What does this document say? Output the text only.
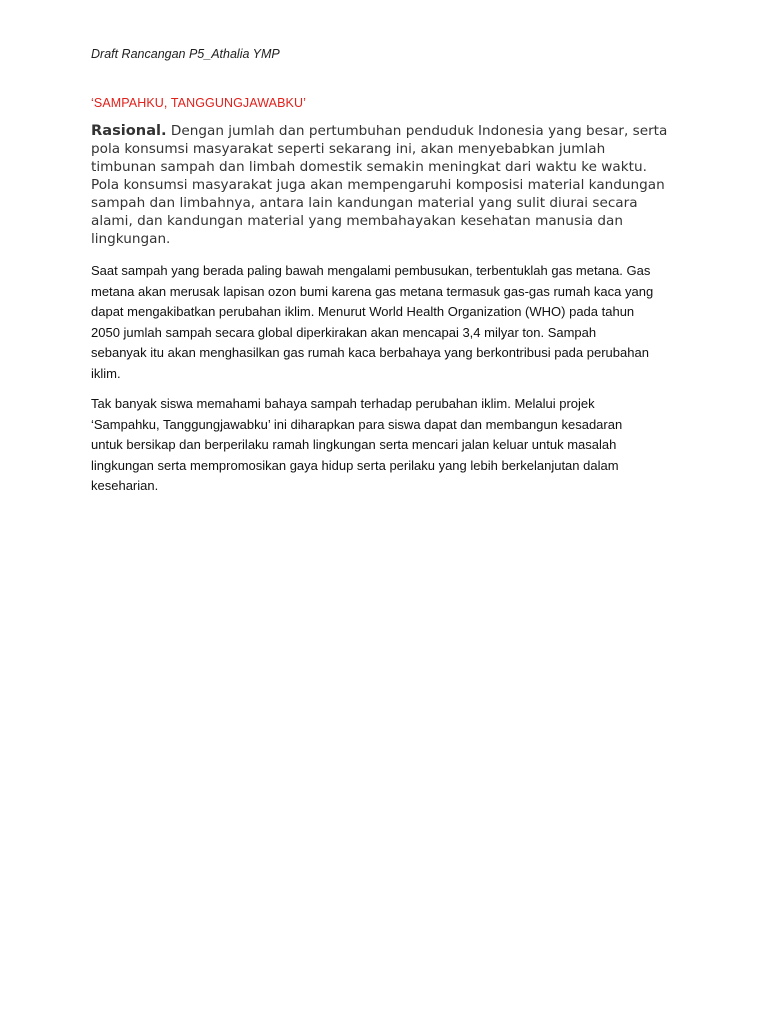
Draft Rancangan P5_Athalia YMP
‘SAMPAHKU, TANGGUNGJAWABKU’
Rasional. Dengan jumlah dan pertumbuhan penduduk Indonesia yang besar, serta
pola konsumsi masyarakat seperti sekarang ini, akan menyebabkan jumlah
timbunan sampah dan limbah domestik semakin meningkat dari waktu ke waktu.
Pola konsumsi masyarakat juga akan mempengaruhi komposisi material kandungan
sampah dan limbahnya, antara lain kandungan material yang sulit diurai secara
alami, dan kandungan material yang membahayakan kesehatan manusia dan
lingkungan.
Saat sampah yang berada paling bawah mengalami pembusukan, terbentuklah gas metana. Gas
metana akan merusak lapisan ozon bumi karena gas metana termasuk gas-gas rumah kaca yang
dapat mengakibatkan perubahan iklim. Menurut World Health Organization (WHO) pada tahun
2050 jumlah sampah secara global diperkirakan akan mencapai 3,4 milyar ton. Sampah
sebanyak itu akan menghasilkan gas rumah kaca berbahaya yang berkontribusi pada perubahan
iklim.
Tak banyak siswa memahami bahaya sampah terhadap perubahan iklim. Melalui projek
‘Sampahku, Tanggungjawabku’ ini diharapkan para siswa dapat dan membangun kesadaran
untuk bersikap dan berperilaku ramah lingkungan serta mencari jalan keluar untuk masalah
lingkungan serta mempromosikan gaya hidup serta perilaku yang lebih berkelanjutan dalam
keseharian.
